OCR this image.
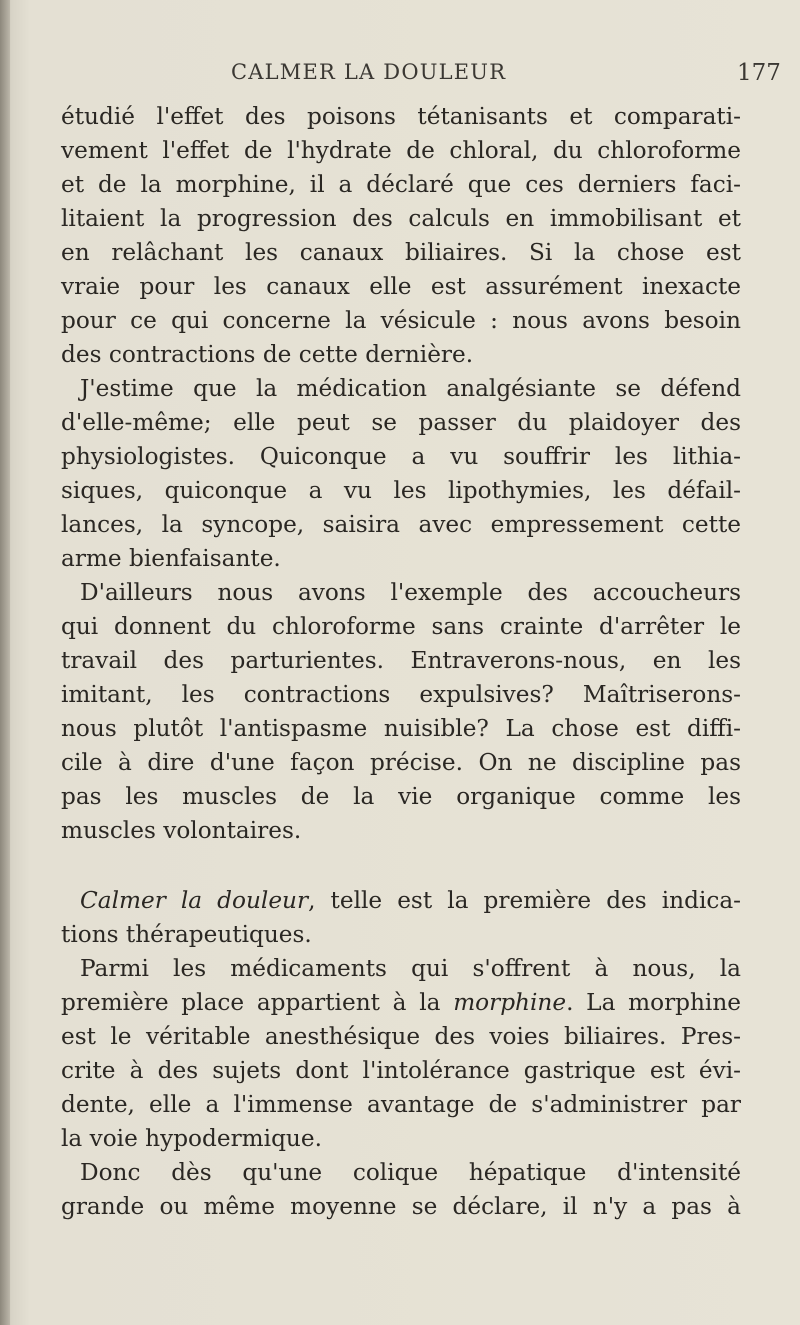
CALMER LA DOULEUR	177
étudié l'effet des poisons tétanisants et comparati-
vement l'effet de l'hydrate de chloral, du chloroforme
et de la morphine, il a déclaré que ces derniers faci-
litaient la progression des calculs en immobilisant et
en relâchant les canaux biliaires. Si la chose est
vraie pour les canaux elle est assurément inexacte
pour ce qui concerne la vésicule : nous avons besoin
des contractions de cette dernière.
J'estime que la médication analgésiante se défend
d'elle-même; elle peut se passer du plaidoyer des
physiologistes. Quiconque a vu souffrir les lithia-
siques, quiconque a vu les lipothymies, les défail-
lances, la syncope, saisira avec empressement cette
arme bienfaisante.
D'ailleurs nous avons l'exemple des accoucheurs
qui donnent du chloroforme sans crainte d'arrêter le
travail des parturientes. Entraverons-nous, en les
imitant, les contractions expulsives? Maîtriserons-
nous plutôt l'antispasme nuisible? La chose est diffi-
cile à dire d'une façon précise. On ne discipline pas
pas les muscles de la vie organique comme les
muscles volontaires.
Calmer la douleur, telle est la première des indica-
tions thérapeutiques.
Parmi les médicaments qui s'offrent à nous, la
première place appartient à la morphine. La morphine
est le véritable anesthésique des voies biliaires. Pres-
crite à des sujets dont l'intolérance gastrique est évi-
dente, elle a l'immense avantage de s'administrer par
la voie hypodermique.
Donc dès qu'une colique hépatique d'intensité
grande ou même moyenne se déclare, il n'y a pas à
